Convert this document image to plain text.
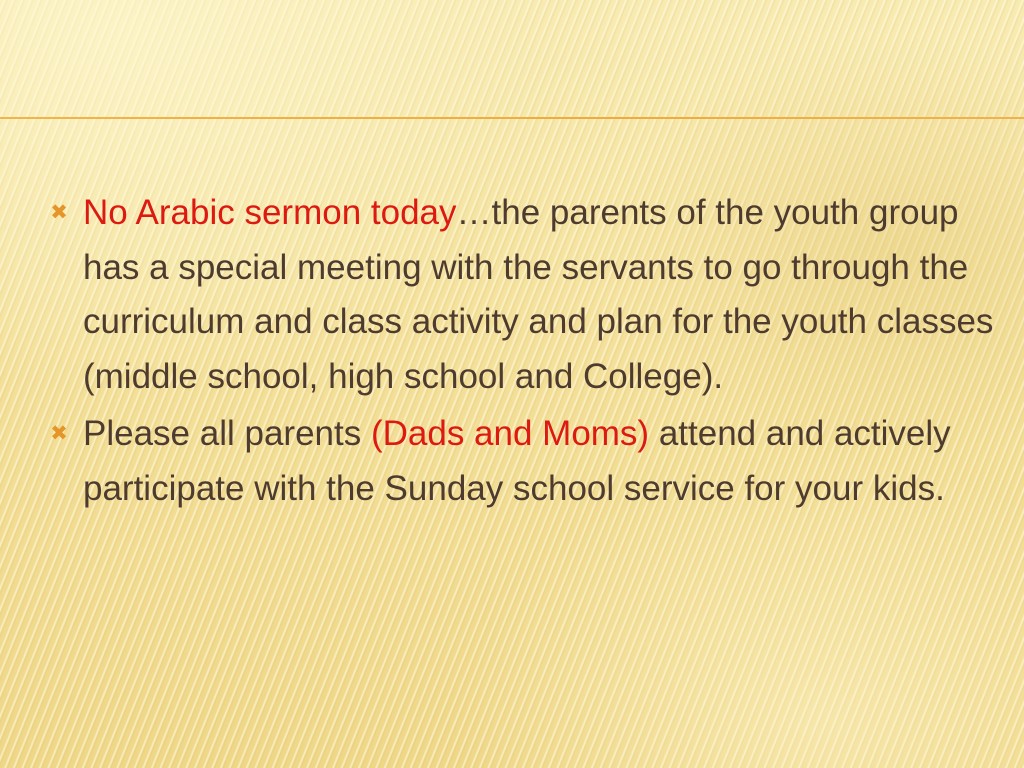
✖ No Arabic sermon today…the parents of the youth group has a special meeting with the servants to go through the curriculum and class activity and plan for the youth classes (middle school, high school and College).
✖ Please all parents (Dads and Moms) attend and actively participate with the Sunday school service for your kids.
